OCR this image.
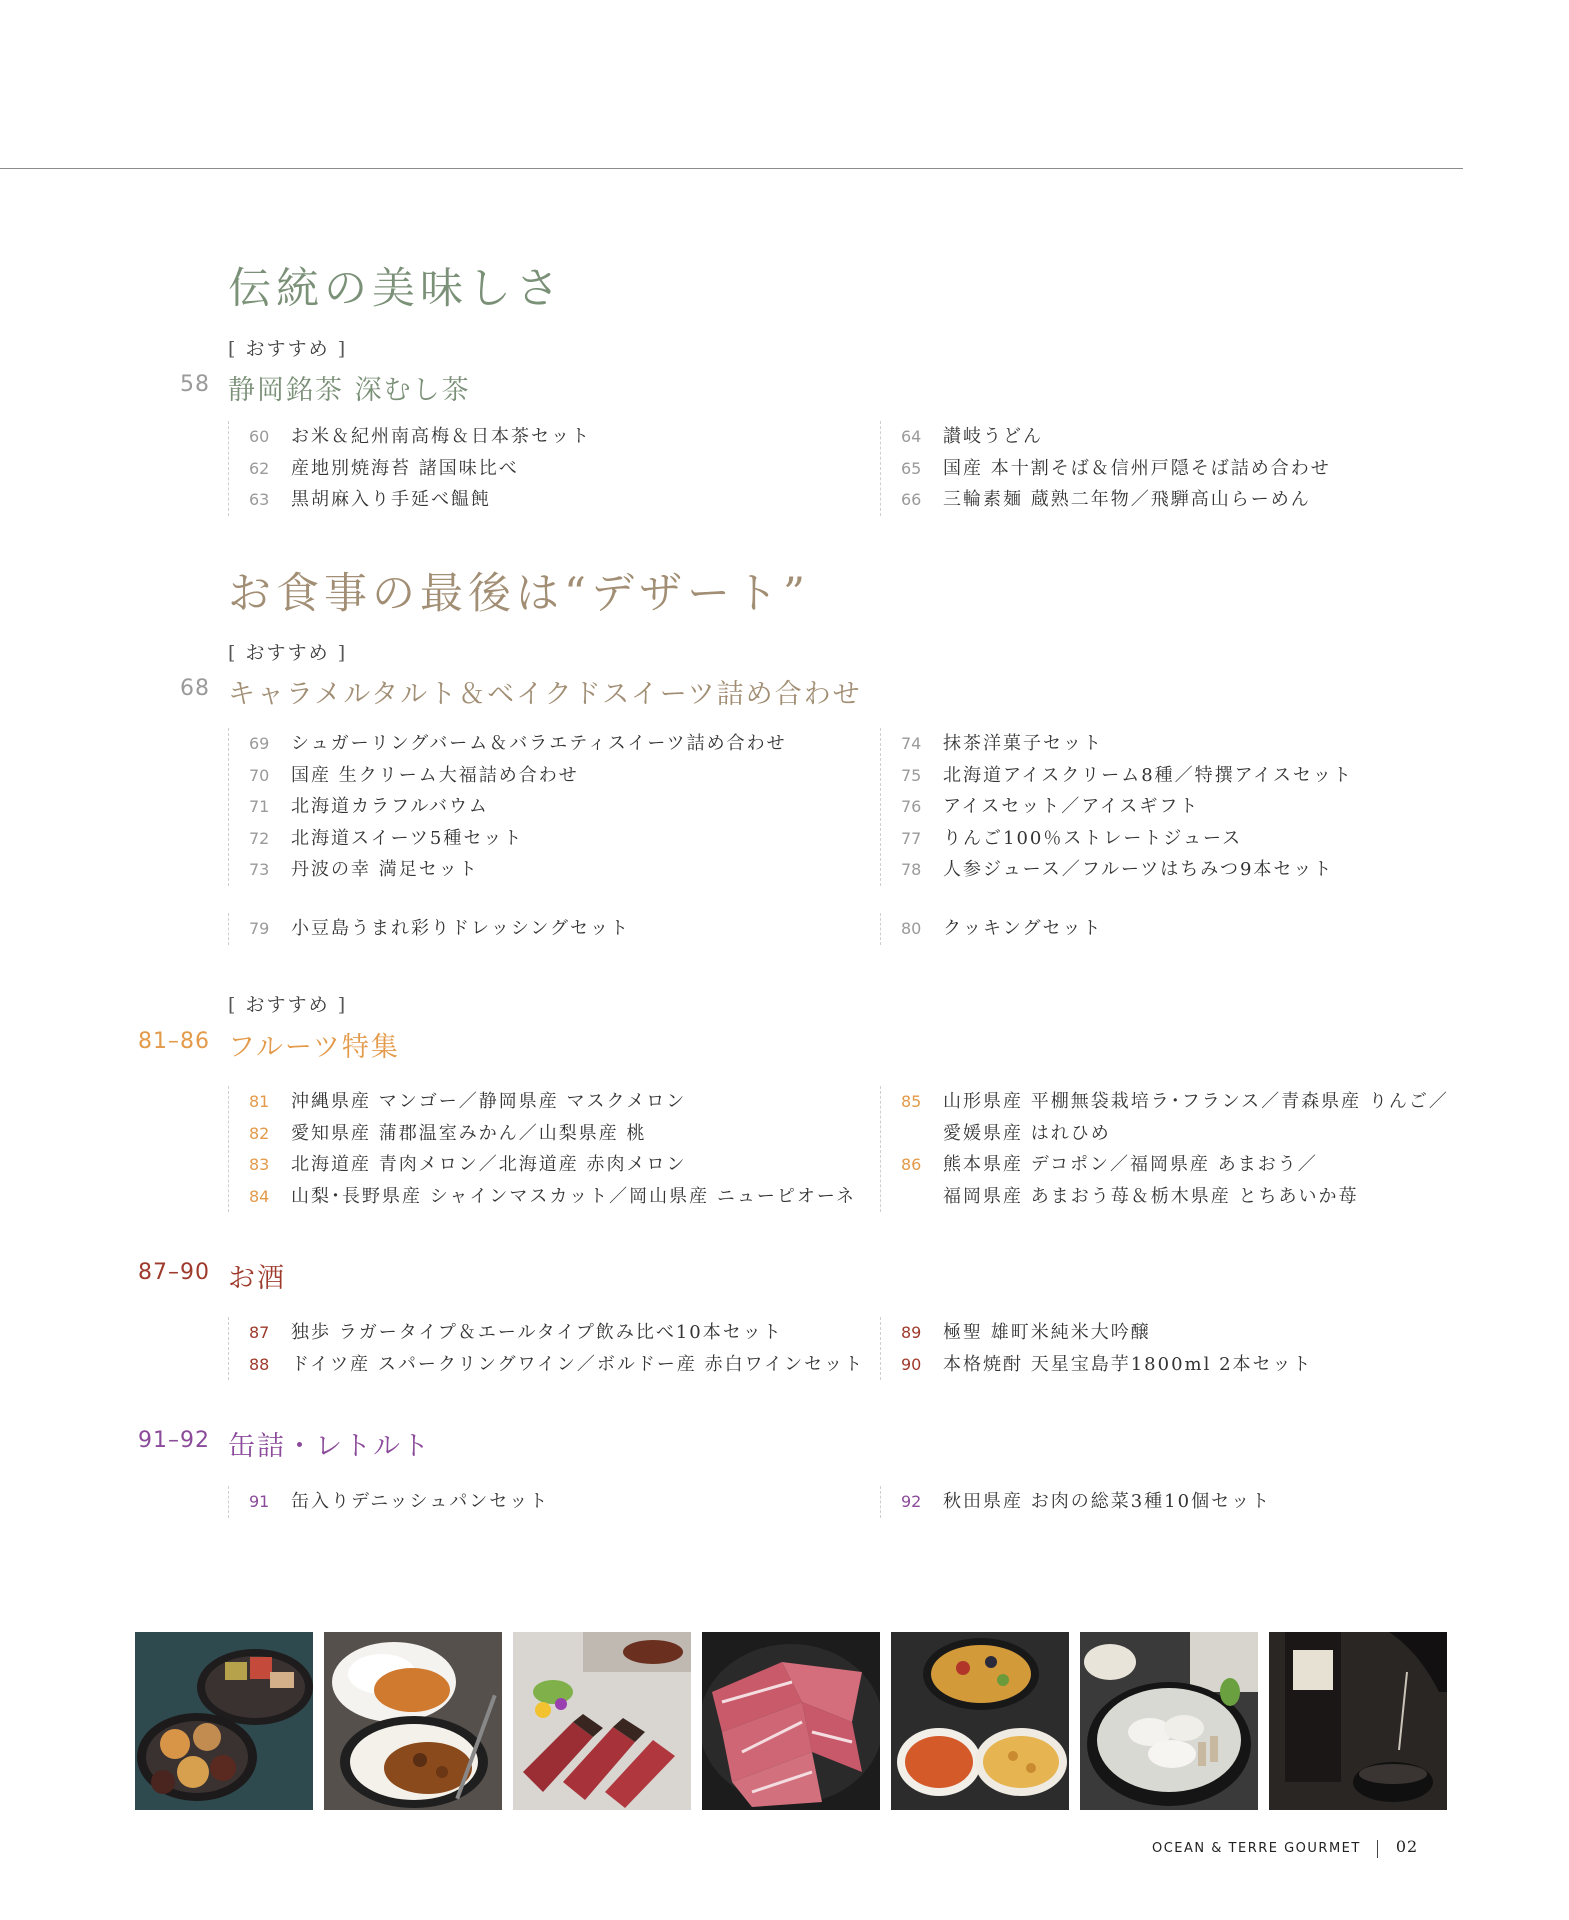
伝統の美味しさ
[ おすすめ ]
58 静岡銘茶 深むし茶
60	お米＆紀州南高梅＆日本茶セット
62	産地別焼海苔 諸国味比べ
63	黒胡麻入り手延べ饂飩
64	讃岐うどん
65	国産 本十割そば＆信州戸隠そば詰め合わせ
66	三輪素麺 蔵熟二年物／飛騨高山らーめん
お食事の最後は“デザート”
[ おすすめ ]
68 キャラメルタルト＆ベイクドスイーツ詰め合わせ
69	シュガーリングバーム＆バラエティスイーツ詰め合わせ
70	国産 生クリーム大福詰め合わせ
71	北海道カラフルバウム
72	北海道スイーツ5種セット
73	丹波の幸 満足セット
74	抹茶洋菓子セット
75	北海道アイスクリーム8種／特撰アイスセット
76	アイスセット／アイスギフト
77	りんご100％ストレートジュース
78	人参ジュース／フルーツはちみつ9本セット
79	小豆島うまれ彩りドレッシングセット	80	クッキングセット
[ おすすめ ]
81–86 フルーツ特集
81	沖縄県産 マンゴー／静岡県産 マスクメロン
82	愛知県産 蒲郡温室みかん／山梨県産 桃
83	北海道産 青肉メロン／北海道産 赤肉メロン
84	山梨･長野県産 シャインマスカット／岡山県産 ニューピオーネ
85	山形県産 平棚無袋栽培ラ･フランス／青森県産 りんご／
愛媛県産 はれひめ
86	熊本県産 デコポン／福岡県産 あまおう／
福岡県産 あまおう苺＆栃木県産 とちあいか苺
87–90 お酒
87	独歩 ラガータイプ＆エールタイプ飲み比べ10本セット
88	ドイツ産 スパークリングワイン／ボルドー産 赤白ワインセット
89	極聖 雄町米純米大吟醸
90	本格焼酎 天星宝島芋1800ml 2本セット
91–92 缶詰・レトルト
91	缶入りデニッシュパンセット	92	秋田県産 お肉の総菜3種10個セット
OCEAN & TERRE GOURMET 02
